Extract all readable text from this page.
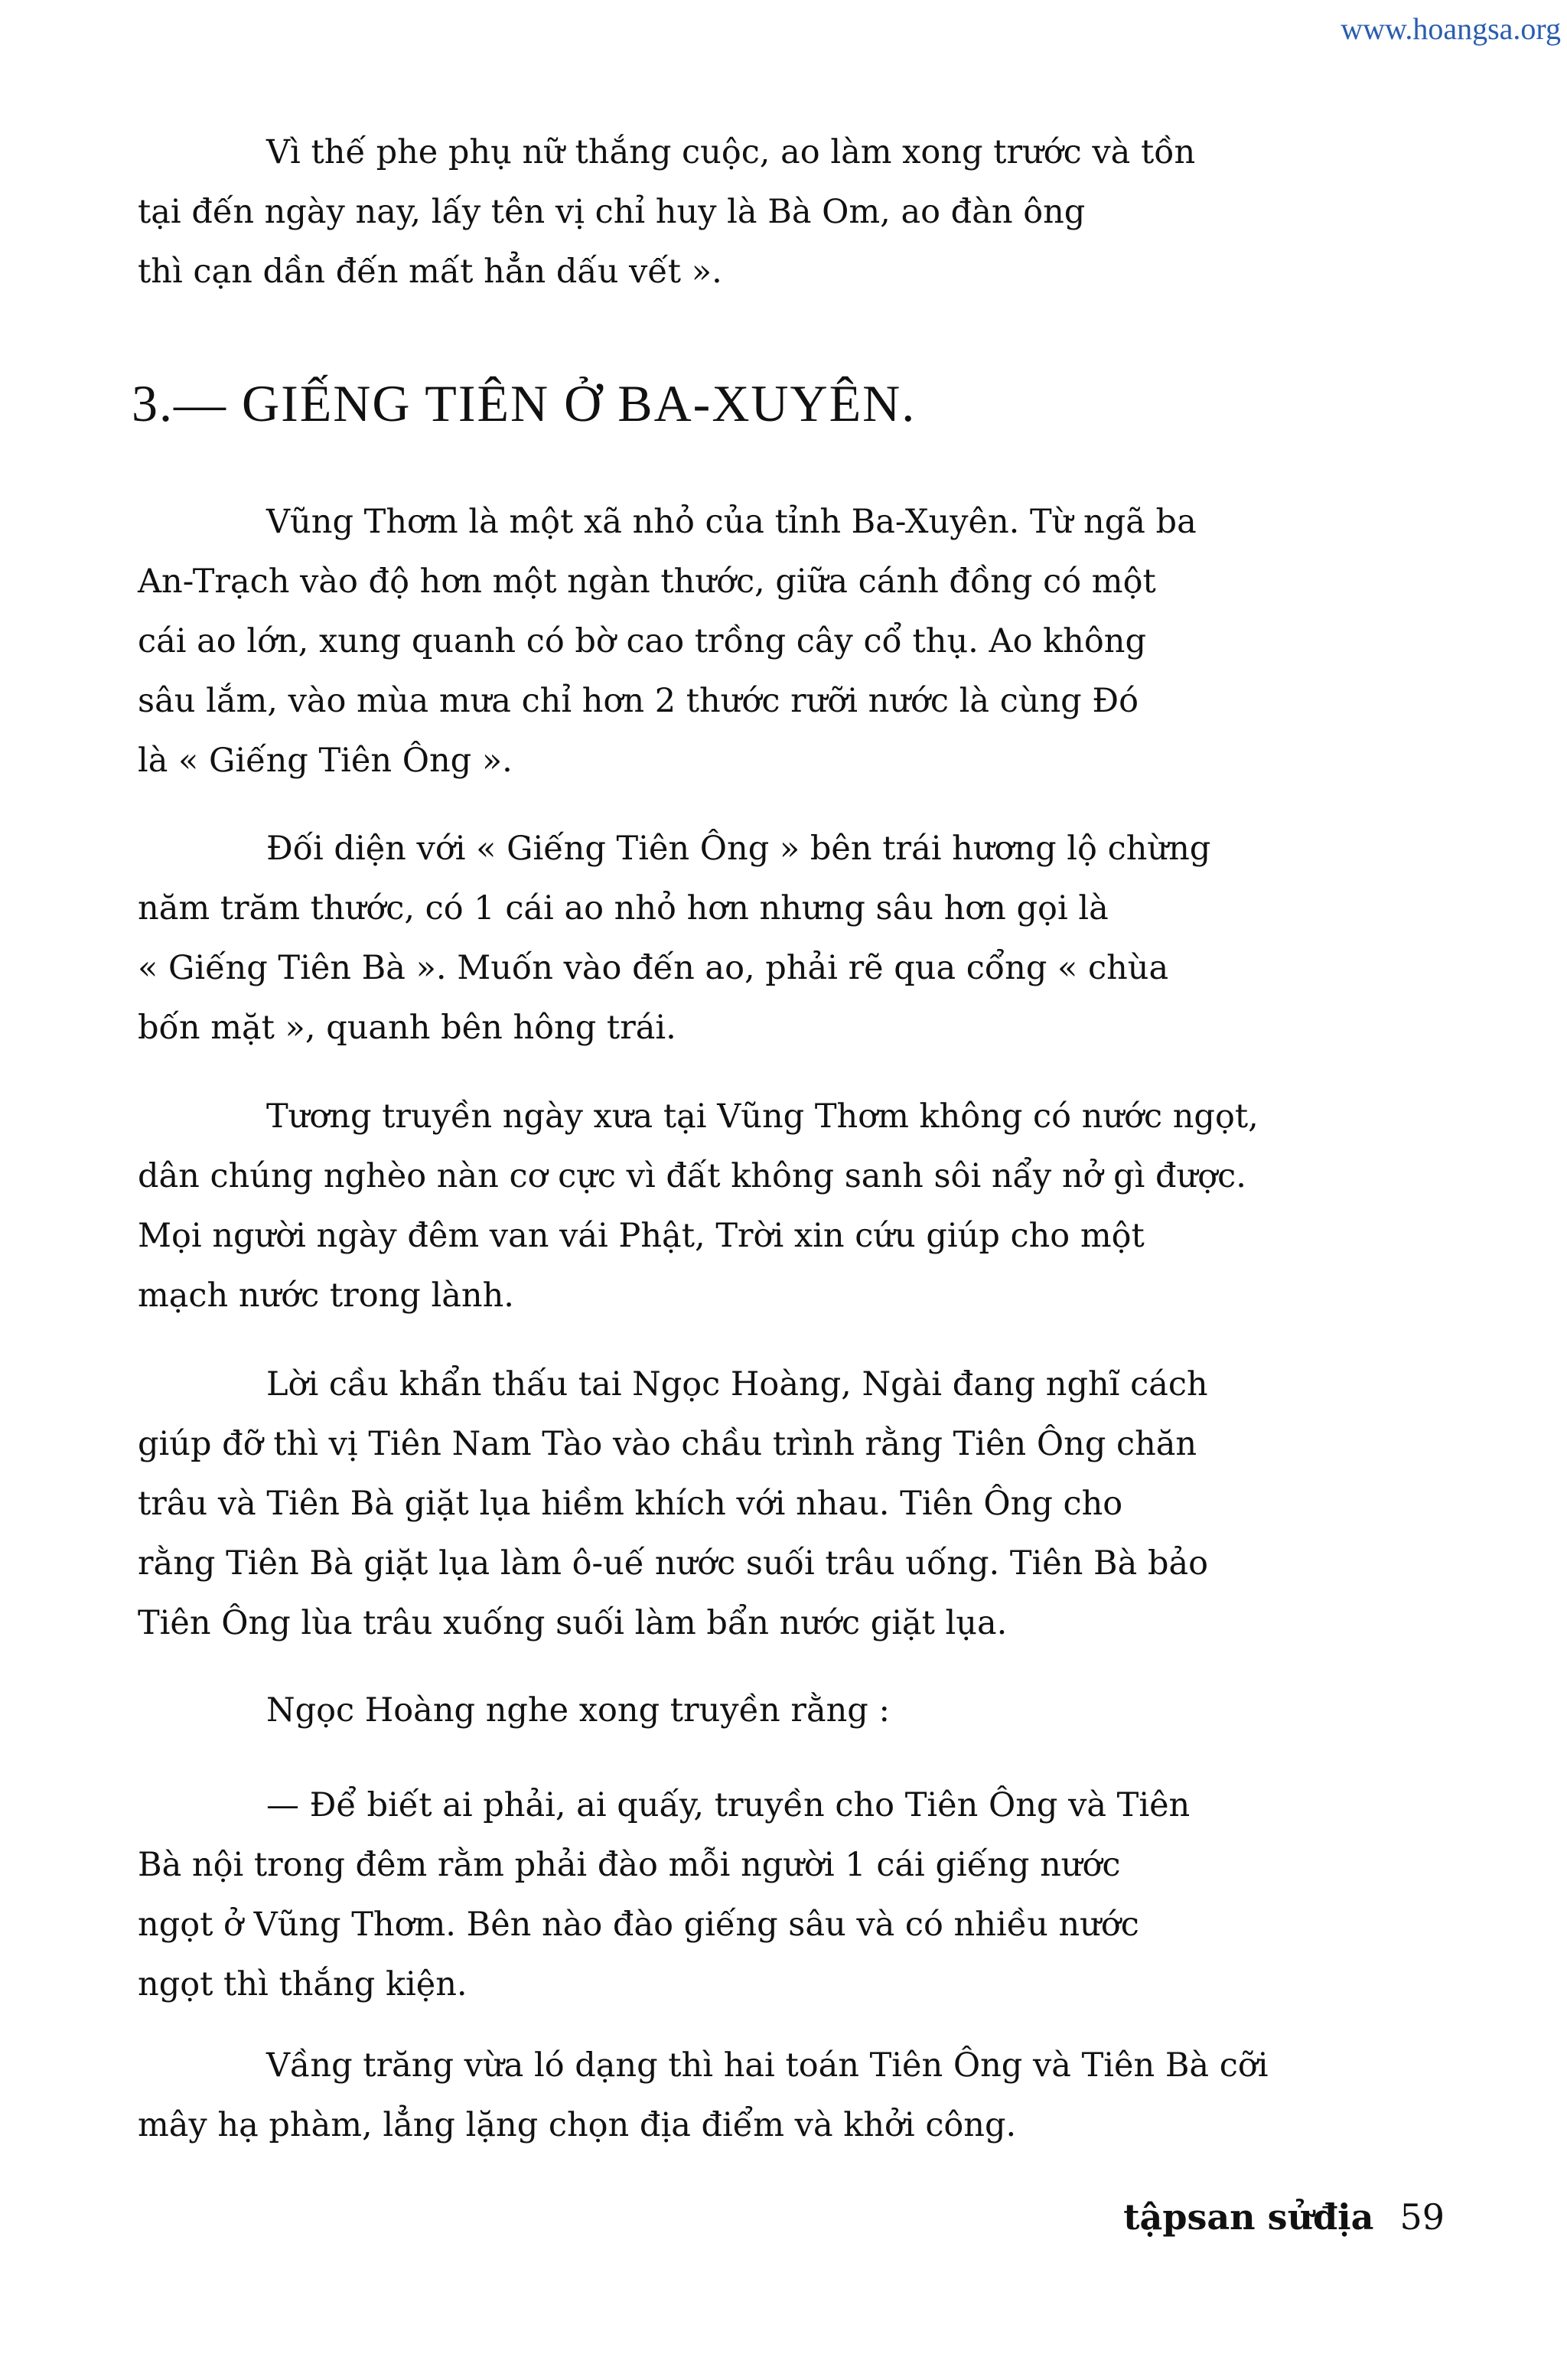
www.hoangsa.org

Vì thế phe phụ nữ thắng cuộc, ao làm xong trước và tồn
tại đến ngày nay, lấy tên vị chỉ huy là Bà Om, ao đàn ông
thì cạn dần đến mất hẳn dấu vết ».

3.— GIẾNG TIÊN Ở BA-XUYÊN.

Vũng Thơm là một xã nhỏ của tỉnh Ba-Xuyên. Từ ngã ba
An-Trạch vào độ hơn một ngàn thước, giữa cánh đồng có một
cái ao lớn, xung quanh có bờ cao trồng cây cổ thụ. Ao không
sâu lắm, vào mùa mưa chỉ hơn 2 thước rưỡi nước là cùng Đó
là « Giếng Tiên Ông ».

Đối diện với « Giếng Tiên Ông » bên trái hương lộ chừng
năm trăm thước, có 1 cái ao nhỏ hơn nhưng sâu hơn gọi là
« Giếng Tiên Bà ». Muốn vào đến ao, phải rẽ qua cổng « chùa
bốn mặt », quanh bên hông trái.

Tương truyền ngày xưa tại Vũng Thơm không có nước ngọt,
dân chúng nghèo nàn cơ cực vì đất không sanh sôi nẩy nở gì được.
Mọi người ngày đêm van vái Phật, Trời xin cứu giúp cho một
mạch nước trong lành.

Lời cầu khẩn thấu tai Ngọc Hoàng, Ngài đang nghĩ cách
giúp đỡ thì vị Tiên Nam Tào vào chầu trình rằng Tiên Ông chăn
trâu và Tiên Bà giặt lụa hiềm khích với nhau. Tiên Ông cho
rằng Tiên Bà giặt lụa làm ô-uế nước suối trâu uống. Tiên Bà bảo
Tiên Ông lùa trâu xuống suối làm bẩn nước giặt lụa.

Ngọc Hoàng nghe xong truyền rằng :

— Để biết ai phải, ai quấy, truyền cho Tiên Ông và Tiên
Bà nội trong đêm rằm phải đào mỗi người 1 cái giếng nước
ngọt ở Vũng Thơm. Bên nào đào giếng sâu và có nhiều nước
ngọt thì thắng kiện.

Vầng trăng vừa ló dạng thì hai toán Tiên Ông và Tiên Bà cỡi
mây hạ phàm, lẳng lặng chọn địa điểm và khởi công.

tậpsan sửđịa 59
